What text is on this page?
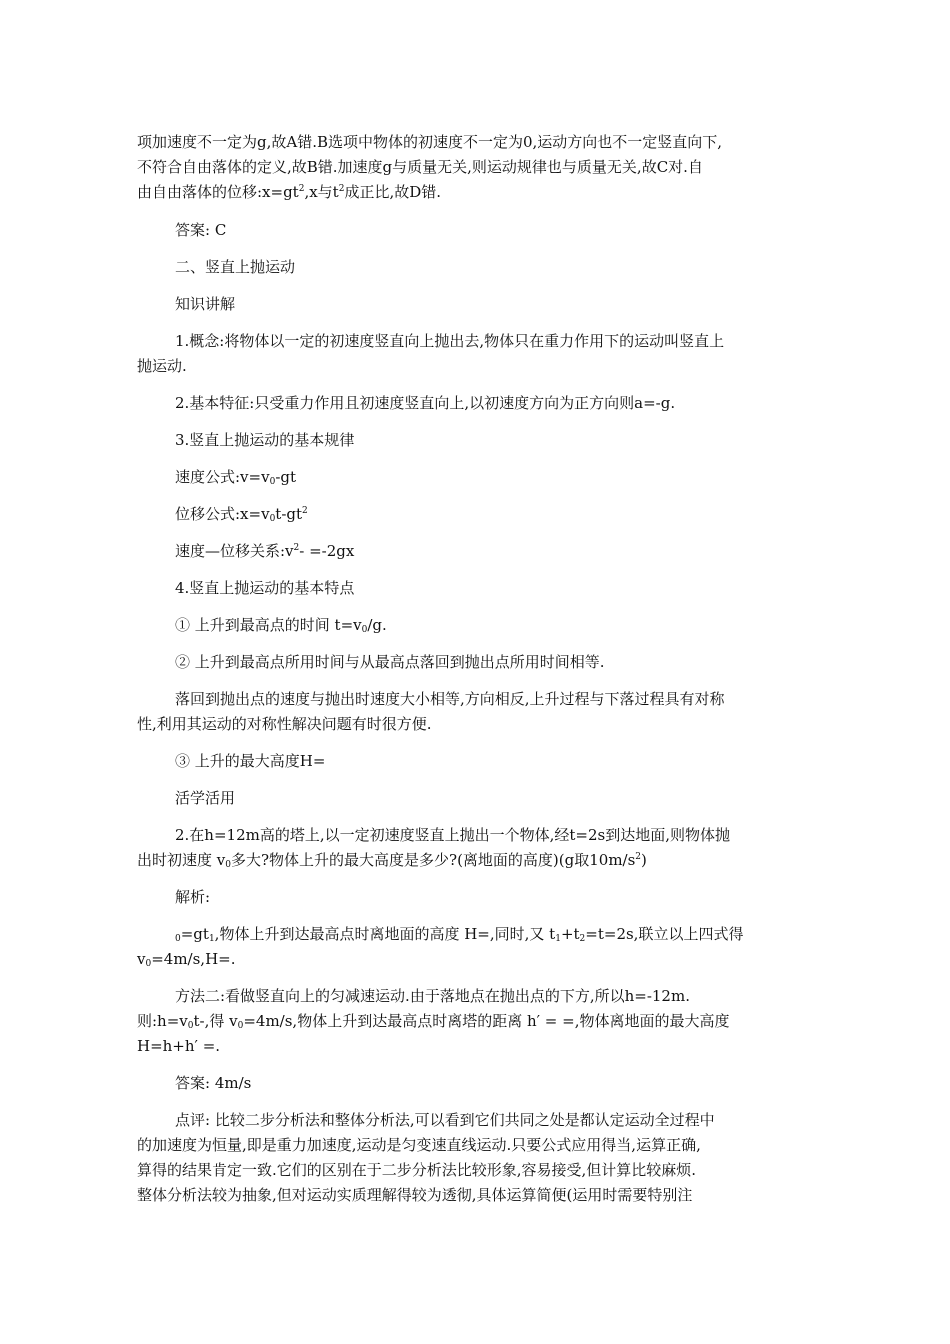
项加速度不一定为g,故A错.B选项中物体的初速度不一定为0,运动方向也不一定竖直向下,

不符合自由落体的定义,故B错.加速度g与质量无关,则运动规律也与质量无关,故C对.自

由自由落体的位移$:x=gt^2,x$与$t^2$成正比,故D错.

答案: C

二、竖直上抛运动

知识讲解

1.概念:将物体以一定的初速度竖直向上抛出去,物体只在重力作用下的运动叫竖直上

抛运动.

2.基本特征:只受重力作用且初速度竖直向上,以初速度方向为正方向则a=-g.

3.竖直上抛运动的基本规律

速度公式$:v=v_0-gt$

位移公式$:x=v_0t-gt^2$

速度—位移关系$:v^2- =-2gx$

4.竖直上抛运动的基本特点

① 上升到最高点的时间 $t=v_0/g$.

② 上升到最高点所用时间与从最高点落回到抛出点所用时间相等.

落回到抛出点的速度与抛出时速度大小相等,方向相反,上升过程与下落过程具有对称

性,利用其运动的对称性解决问题有时很方便.

③ 上升的最大高度H=

活学活用

2.在h=12m高的塔上,以一定初速度竖直上抛出一个物体,经t=2s到达地面,则物体抛

出时初速度 $v_0$多大?物体上升的最大高度是多少?(离地面的高度)(g取$10m/s^2$)

解析:

$_0=gt_1$,物体上升到达最高点时离地面的高度 H=,同时,又 $t_1+t_2=t=2s$,联立以上四式得

$v_0=4m/s,H=$.

方法二:看做竖直向上的匀减速运动.由于落地点在抛出点的下方,所以h=-12m.

则$:h=v_0t-$,得 $v_0=4m/s$,物体上升到达最高点时离塔的距离 h′ = =,物体离地面的最大高度

H=h+h′ =.

答案: 4m/s

点评: 比较二步分析法和整体分析法,可以看到它们共同之处是都认定运动全过程中

的加速度为恒量,即是重力加速度,运动是匀变速直线运动.只要公式应用得当,运算正确,

算得的结果肯定一致.它们的区别在于二步分析法比较形象,容易接受,但计算比较麻烦.

整体分析法较为抽象,但对运动实质理解得较为透彻,具体运算简便(运用时需要特别注
